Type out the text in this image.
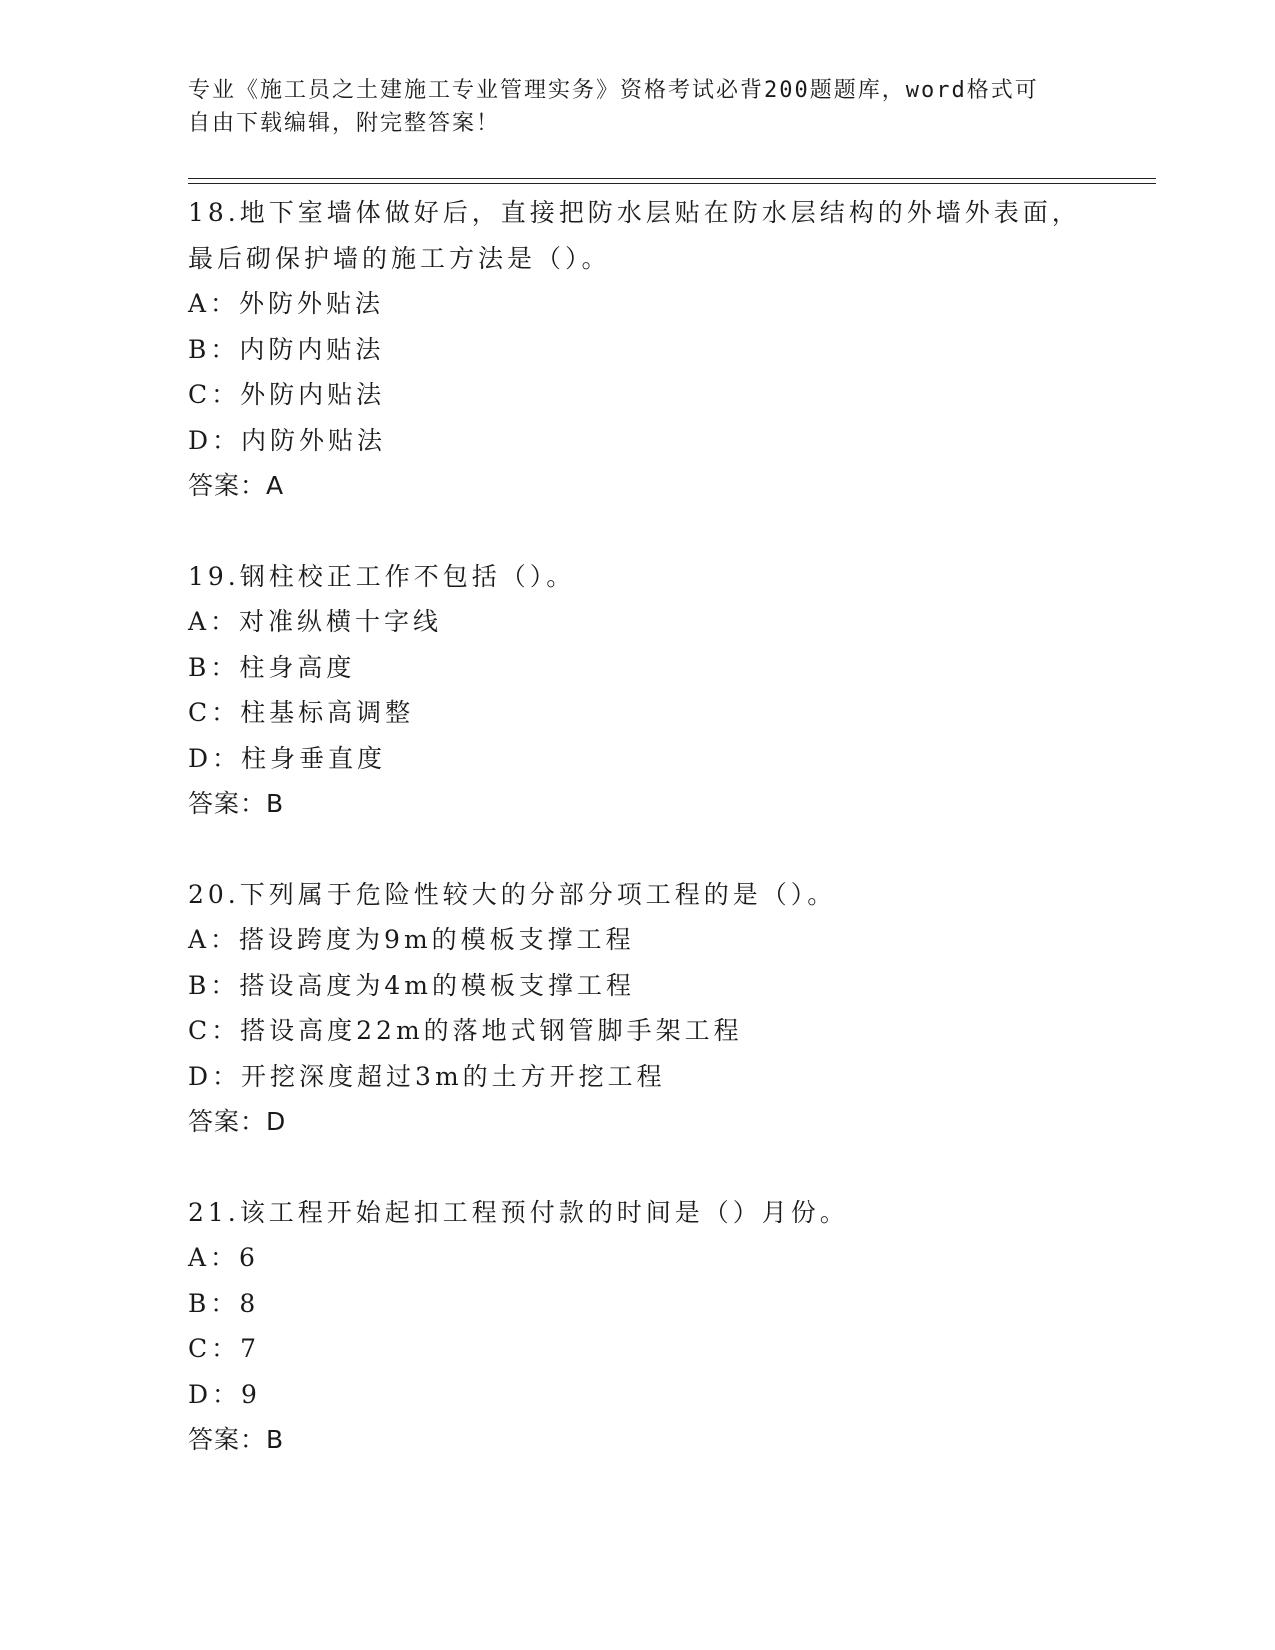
专业《施工员之土建施工专业管理实务》资格考试必背200题题库，word格式可
自由下载编辑，附完整答案！
18.地下室墙体做好后，直接把防水层贴在防水层结构的外墙外表面，
最后砌保护墙的施工方法是（）。
A：外防外贴法
B：内防内贴法
C：外防内贴法
D：内防外贴法
答案：A
19.钢柱校正工作不包括（）。
A：对准纵横十字线
B：柱身高度
C：柱基标高调整
D：柱身垂直度
答案：B
20.下列属于危险性较大的分部分项工程的是（）。
A：搭设跨度为9m的模板支撑工程
B：搭设高度为4m的模板支撑工程
C：搭设高度22m的落地式钢管脚手架工程
D：开挖深度超过3m的土方开挖工程
答案：D
21.该工程开始起扣工程预付款的时间是（）月份。
A：6
B：8
C：7
D：9
答案：B
